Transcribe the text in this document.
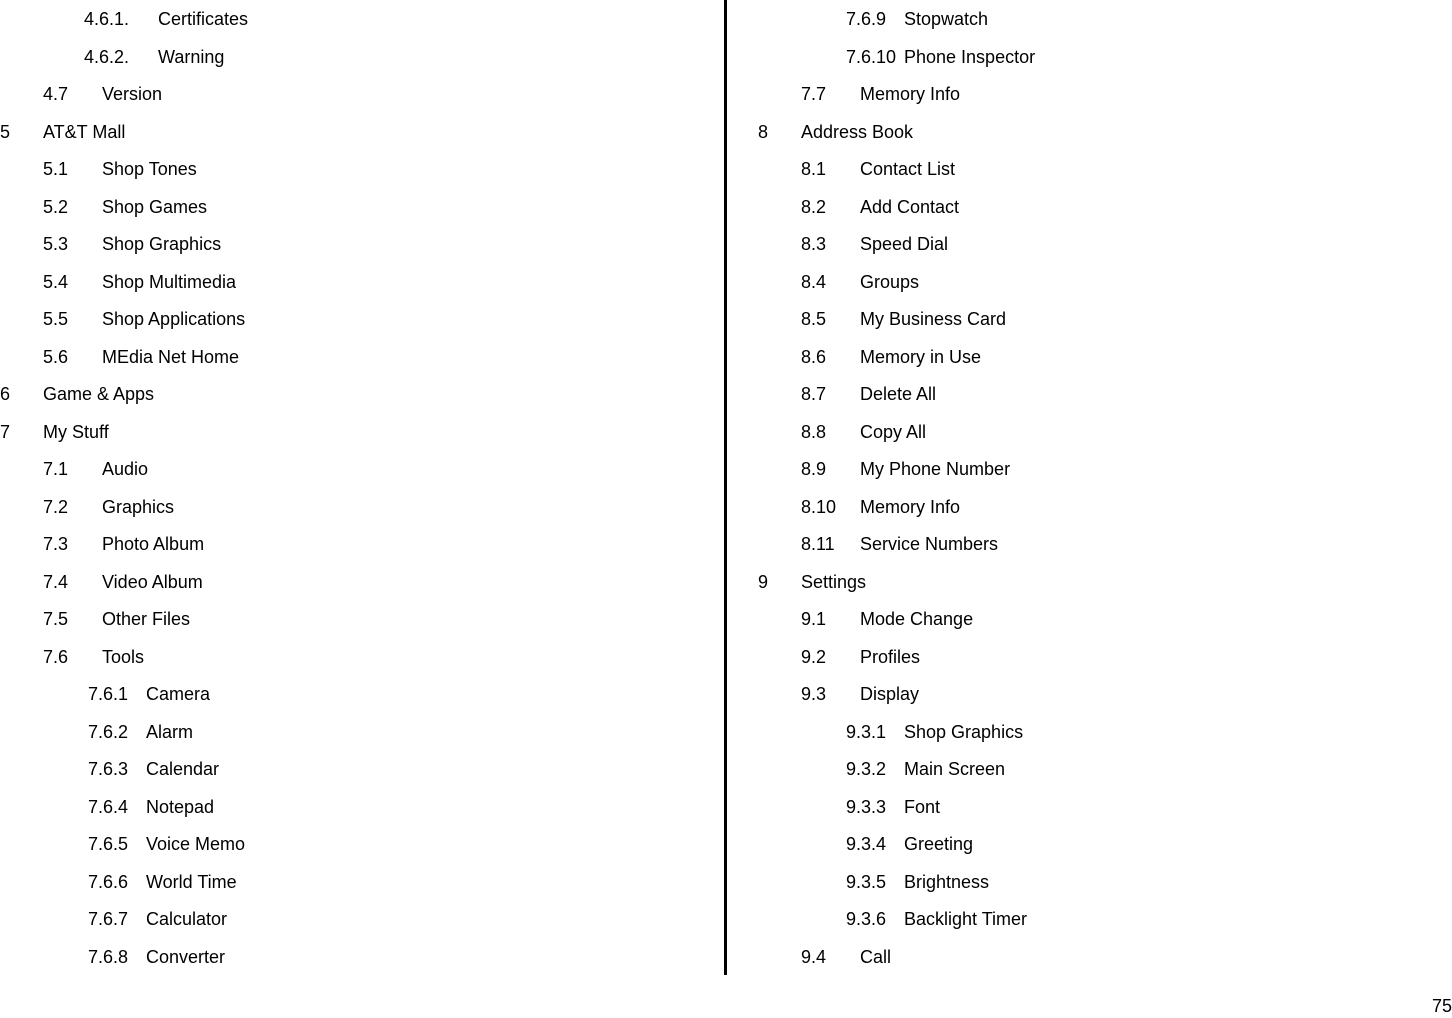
4.6.1. Certificates
4.6.2. Warning
4.7 Version
5 AT&T Mall
5.1 Shop Tones
5.2 Shop Games
5.3 Shop Graphics
5.4 Shop Multimedia
5.5 Shop Applications
5.6 MEdia Net Home
6 Game & Apps
7 My Stuff
7.1 Audio
7.2 Graphics
7.3 Photo Album
7.4 Video Album
7.5 Other Files
7.6 Tools
7.6.1 Camera
7.6.2 Alarm
7.6.3 Calendar
7.6.4 Notepad
7.6.5 Voice Memo
7.6.6 World Time
7.6.7 Calculator
7.6.8 Converter
7.6.9 Stopwatch
7.6.10 Phone Inspector
7.7 Memory Info
8 Address Book
8.1 Contact List
8.2 Add Contact
8.3 Speed Dial
8.4 Groups
8.5 My Business Card
8.6 Memory in Use
8.7 Delete All
8.8 Copy All
8.9 My Phone Number
8.10 Memory Info
8.11 Service Numbers
9 Settings
9.1 Mode Change
9.2 Profiles
9.3 Display
9.3.1 Shop Graphics
9.3.2 Main Screen
9.3.3 Font
9.3.4 Greeting
9.3.5 Brightness
9.3.6 Backlight Timer
9.4 Call
75
